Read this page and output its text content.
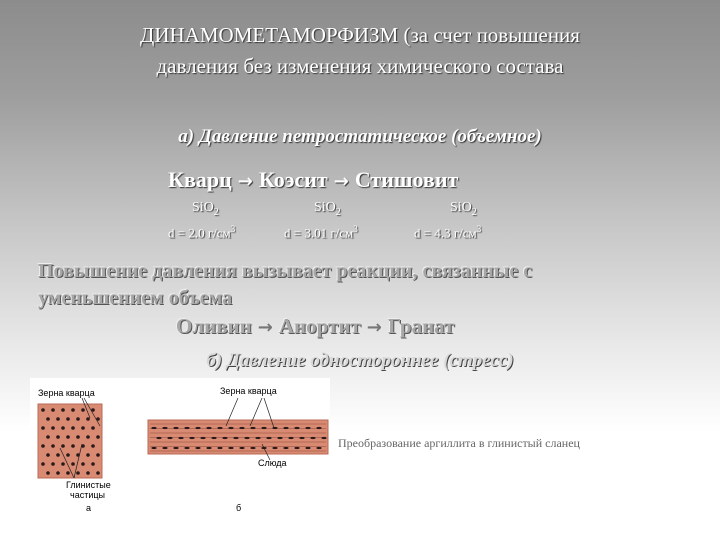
ДИНАМОМЕТАМОРФИЗМ (за счет повышения
давления без изменения химического состава
а) Давление петростатическое (объемное)
Кварц → Коэсит → Стишовит
SiO$_2$	SiO$_2$	SiO$_2$
d = 2.0 $г/см^3$	d = 3.01 $г/см^3$	d = 4.3 $г/см^3$
Повышение давления вызывает реакции, связанные с
уменьшением объема
Оливин → Анортит → Гранат
б) Давление одностороннее (стресс)
Зерна кварца	Зерна кварца
Глинистые
частицы
Слюда
а	б
Преобразование аргиллита в глинистый сланец
